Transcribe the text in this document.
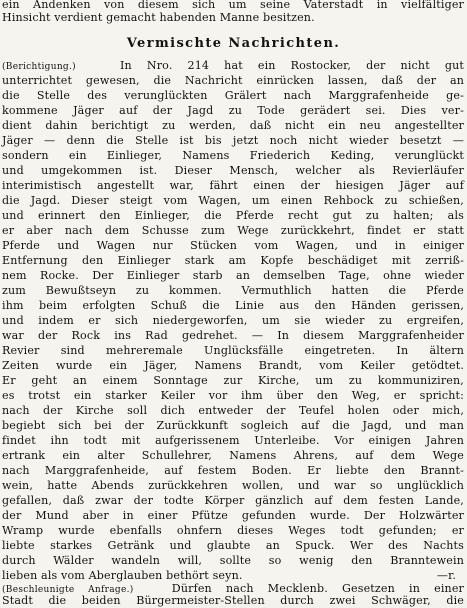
ein Andenken von diesem sich um seine Vaterstadt in vielfältiger
Hinsicht verdient gemacht habenden Manne besitzen.
Vermischte Nachrichten.
(Berichtigung.)	In Nro. 214 hat ein Rostocker, der nicht gut
unterrichtet gewesen, die Nachricht einrücken lassen, daß der an
die Stelle des verunglückten Grälert nach Marggrafenheide ge-
kommene Jäger auf der Jagd zu Tode gerädert sei. Dies ver-
dient dahin berichtigt zu werden, daß nicht ein neu angestellter
Jäger — denn die Stelle ist bis jetzt noch nicht wieder besetzt —
sondern ein Einlieger, Namens Friederich Keding, verunglückt
und umgekommen ist. Dieser Mensch, welcher als Revierläufer
interimistisch angestellt war, fährt einen der hiesigen Jäger auf
die Jagd. Dieser steigt vom Wagen, um einen Rehbock zu schießen,
und erinnert den Einlieger, die Pferde recht gut zu halten; als
er aber nach dem Schusse zum Wege zurückkehrt, findet er statt
Pferde und Wagen nur Stücken vom Wagen, und in einiger
Entfernung den Einlieger stark am Kopfe beschädiget mit zerriß-
nem Rocke. Der Einlieger starb an demselben Tage, ohne wieder
zum Bewußtseyn zu kommen. Vermuthlich hatten die Pferde
ihm beim erfolgten Schuß die Linie aus den Händen gerissen,
und indem er sich niedergeworfen, um sie wieder zu ergreifen,
war der Rock ins Rad gedrehet. — In diesem Marggrafenheider
Revier sind mehreremale Unglücksfälle eingetreten. In ältern
Zeiten wurde ein Jäger, Namens Brandt, vom Keiler getödtet.
Er geht an einem Sonntage zur Kirche, um zu kommuniziren,
es trotst ein starker Keiler vor ihm über den Weg, er spricht:
nach der Kirche soll dich entweder der Teufel holen oder mich,
begiebt sich bei der Zurückkunft sogleich auf die Jagd, und man
findet ihn todt mit aufgerissenem Unterleibe. Vor einigen Jahren
ertrank ein alter Schullehrer, Namens Ahrens, auf dem Wege
nach Marggrafenheide, auf festem Boden. Er liebte den Brannt-
wein, hatte Abends zurückkehren wollen, und war so unglücklich
gefallen, daß zwar der todte Körper gänzlich auf dem festen Lande,
der Mund aber in einer Pfütze gefunden wurde. Der Holzwärter
Wramp wurde ebenfalls ohnfern dieses Weges todt gefunden; er
liebte starkes Getränk und glaubte an Spuck. Wer des Nachts
durch Wälder wandeln will, sollte so wenig den Branntewein
lieben als vom Aberglauben bethört seyn.	—r.
(Beschleunigte Anfrage.)	Dürfen nach Mecklenb. Gesetzen in einer
Stadt die beiden Bürgermeister-Stellen durch zwei Schwäger, die
